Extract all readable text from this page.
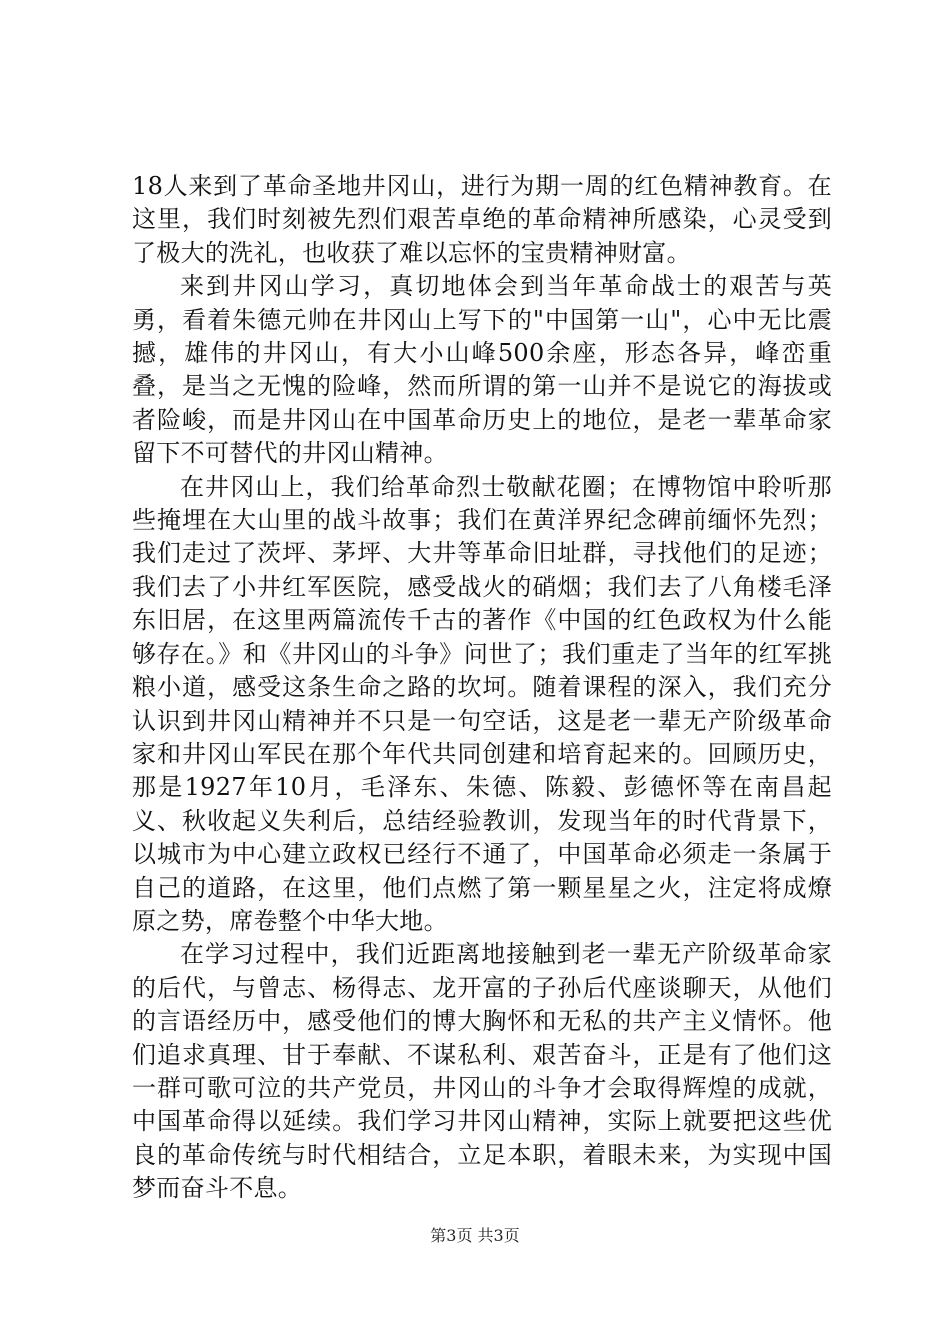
18人来到了革命圣地井冈山，进行为期一周的红色精神教育。在这里，我们时刻被先烈们艰苦卓绝的革命精神所感染，心灵受到了极大的洗礼，也收获了难以忘怀的宝贵精神财富。

来到井冈山学习，真切地体会到当年革命战士的艰苦与英勇，看着朱德元帅在井冈山上写下的"中国第一山"，心中无比震撼，雄伟的井冈山，有大小山峰500余座，形态各异，峰峦重叠，是当之无愧的险峰，然而所谓的第一山并不是说它的海拔或者险峻，而是井冈山在中国革命历史上的地位，是老一辈革命家留下不可替代的井冈山精神。

在井冈山上，我们给革命烈士敬献花圈；在博物馆中聆听那些掩埋在大山里的战斗故事；我们在黄洋界纪念碑前缅怀先烈；我们走过了茨坪、茅坪、大井等革命旧址群，寻找他们的足迹；我们去了小井红军医院，感受战火的硝烟；我们去了八角楼毛泽东旧居，在这里两篇流传千古的著作《中国的红色政权为什么能够存在。》和《井冈山的斗争》问世了；我们重走了当年的红军挑粮小道，感受这条生命之路的坎坷。随着课程的深入，我们充分认识到井冈山精神并不只是一句空话，这是老一辈无产阶级革命家和井冈山军民在那个年代共同创建和培育起来的。回顾历史，那是1927年10月，毛泽东、朱德、陈毅、彭德怀等在南昌起义、秋收起义失利后，总结经验教训，发现当年的时代背景下，以城市为中心建立政权已经行不通了，中国革命必须走一条属于自己的道路，在这里，他们点燃了第一颗星星之火，注定将成燎原之势，席卷整个中华大地。

在学习过程中，我们近距离地接触到老一辈无产阶级革命家的后代，与曾志、杨得志、龙开富的子孙后代座谈聊天，从他们的言语经历中，感受他们的博大胸怀和无私的共产主义情怀。他们追求真理、甘于奉献、不谋私利、艰苦奋斗，正是有了他们这一群可歌可泣的共产党员，井冈山的斗争才会取得辉煌的成就，中国革命得以延续。我们学习井冈山精神，实际上就要把这些优良的革命传统与时代相结合，立足本职，着眼未来，为实现中国梦而奋斗不息。

第3页 共3页
